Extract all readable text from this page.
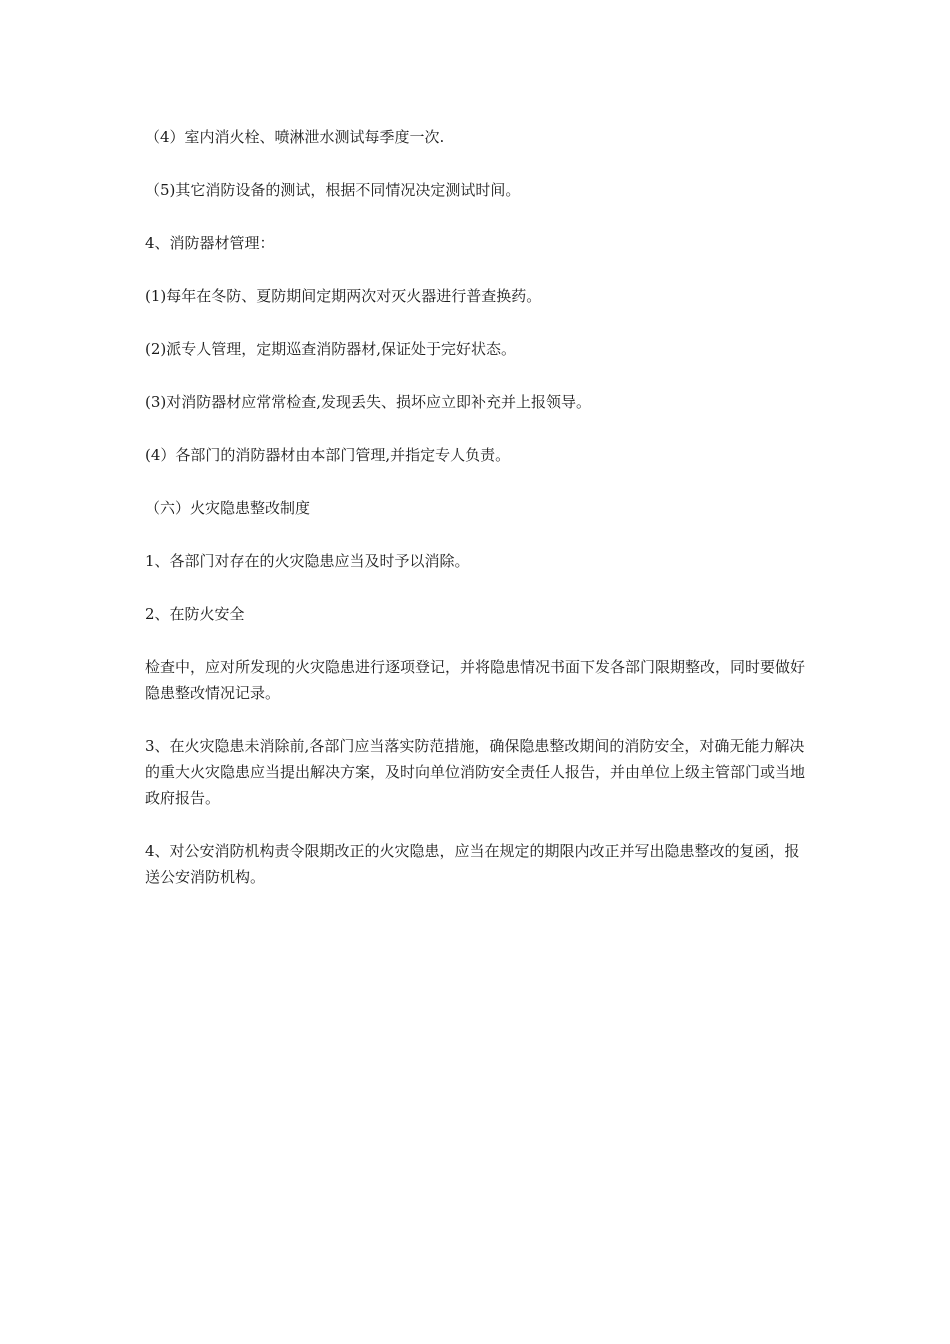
（4）室内消火栓、喷淋泄水测试每季度一次.

（5)其它消防设备的测试，根据不同情况决定测试时间。

4、消防器材管理：

(1)每年在冬防、夏防期间定期两次对灭火器进行普查换药。

(2)派专人管理，定期巡查消防器材,保证处于完好状态。

(3)对消防器材应常常检查,发现丢失、损坏应立即补充并上报领导。

(4）各部门的消防器材由本部门管理,并指定专人负责。

（六）火灾隐患整改制度

1、各部门对存在的火灾隐患应当及时予以消除。

2、在防火安全

检查中，应对所发现的火灾隐患进行逐项登记，并将隐患情况书面下发各部门限期整改，同时要做好隐患整改情况记录。

3、在火灾隐患未消除前,各部门应当落实防范措施，确保隐患整改期间的消防安全，对确无能力解决的重大火灾隐患应当提出解决方案，及时向单位消防安全责任人报告，并由单位上级主管部门或当地政府报告。

4、对公安消防机构责令限期改正的火灾隐患，应当在规定的期限内改正并写出隐患整改的复函，报送公安消防机构。
